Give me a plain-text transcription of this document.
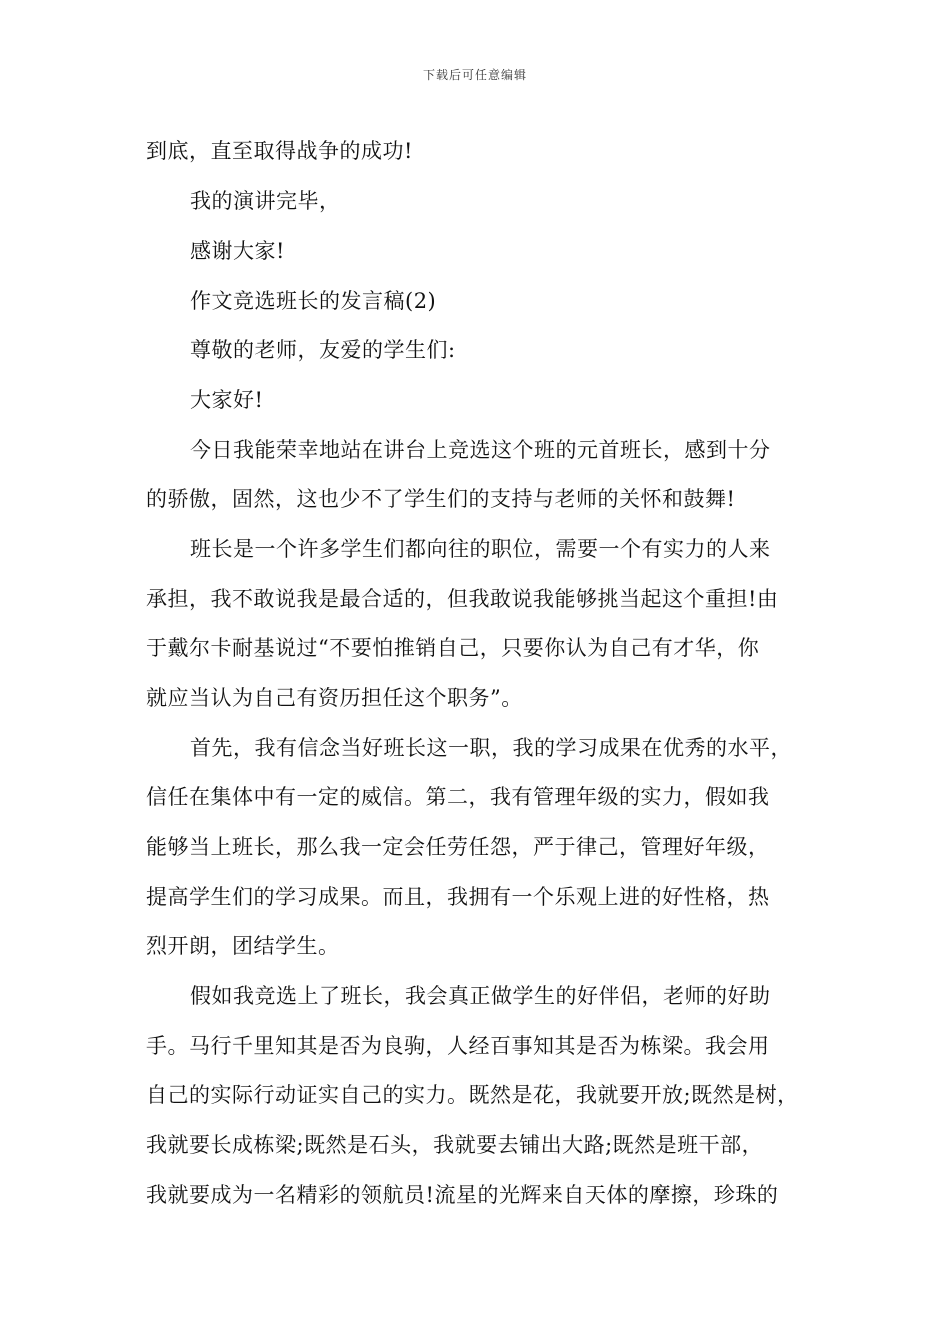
下载后可任意编辑
到底，直至取得战争的成功!
我的演讲完毕，
感谢大家!
作文竞选班长的发言稿(2)
尊敬的老师，友爱的学生们:
大家好!
今日我能荣幸地站在讲台上竞选这个班的元首班长，感到十分
的骄傲，固然，这也少不了学生们的支持与老师的关怀和鼓舞!
班长是一个许多学生们都向往的职位，需要一个有实力的人来
承担，我不敢说我是最合适的，但我敢说我能够挑当起这个重担!由
于戴尔卡耐基说过“不要怕推销自己，只要你认为自己有才华，你
就应当认为自己有资历担任这个职务”。
首先，我有信念当好班长这一职，我的学习成果在优秀的水平，
信任在集体中有一定的威信。第二，我有管理年级的实力，假如我
能够当上班长，那么我一定会任劳任怨，严于律己，管理好年级，
提高学生们的学习成果。而且，我拥有一个乐观上进的好性格，热
烈开朗，团结学生。
假如我竞选上了班长，我会真正做学生的好伴侣，老师的好助
手。马行千里知其是否为良驹，人经百事知其是否为栋梁。我会用
自己的实际行动证实自己的实力。既然是花，我就要开放;既然是树，
我就要长成栋梁;既然是石头，我就要去铺出大路;既然是班干部，
我就要成为一名精彩的领航员!流星的光辉来自天体的摩擦，珍珠的
